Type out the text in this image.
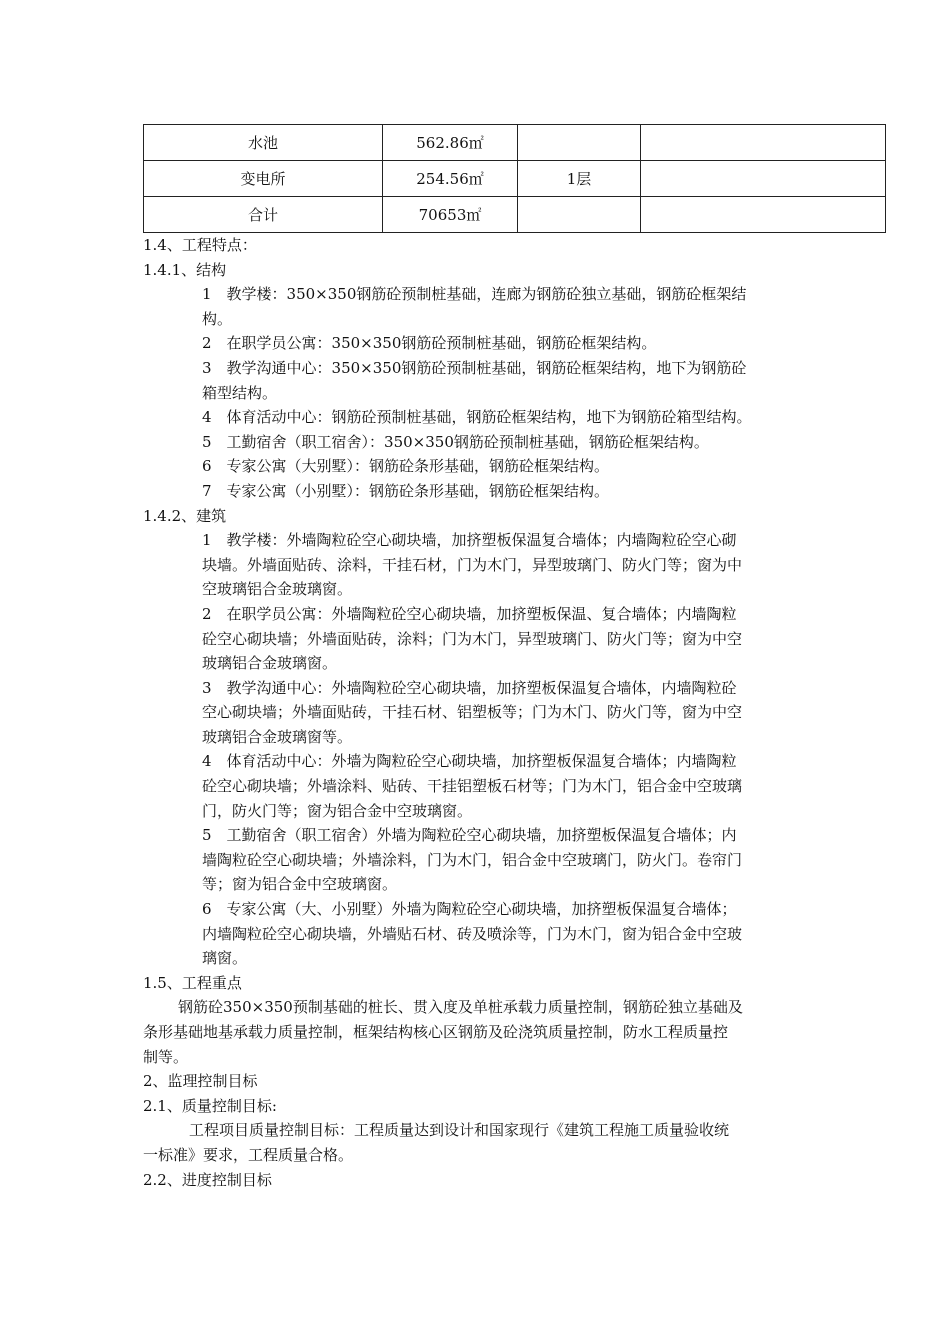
水池	562.86㎡		
变电所	254.56㎡	1层	
合计	70653㎡		
1.4、工程特点：
1.4.1、结构
1　教学楼：350×350钢筋砼预制桩基础，连廊为钢筋砼独立基础，钢筋砼框架结
构。
2　在职学员公寓：350×350钢筋砼预制桩基础，钢筋砼框架结构。
3　教学沟通中心：350×350钢筋砼预制桩基础，钢筋砼框架结构，地下为钢筋砼
箱型结构。
4　体育活动中心：钢筋砼预制桩基础，钢筋砼框架结构，地下为钢筋砼箱型结构。
5　工勤宿舍（职工宿舍）：350×350钢筋砼预制桩基础，钢筋砼框架结构。
6　专家公寓（大别墅）：钢筋砼条形基础，钢筋砼框架结构。
7　专家公寓（小别墅）：钢筋砼条形基础，钢筋砼框架结构。
1.4.2、建筑
1　教学楼：外墙陶粒砼空心砌块墙，加挤塑板保温复合墙体；内墙陶粒砼空心砌
块墙。外墙面贴砖、涂料，干挂石材，门为木门，异型玻璃门、防火门等；窗为中
空玻璃铝合金玻璃窗。
2　在职学员公寓：外墙陶粒砼空心砌块墙，加挤塑板保温、复合墙体；内墙陶粒
砼空心砌块墙；外墙面贴砖，涂料；门为木门，异型玻璃门、防火门等；窗为中空
玻璃铝合金玻璃窗。
3　教学沟通中心：外墙陶粒砼空心砌块墙，加挤塑板保温复合墙体，内墙陶粒砼
空心砌块墙；外墙面贴砖，干挂石材、铝塑板等；门为木门、防火门等，窗为中空
玻璃铝合金玻璃窗等。
4　体育活动中心：外墙为陶粒砼空心砌块墙，加挤塑板保温复合墙体；内墙陶粒
砼空心砌块墙；外墙涂料、贴砖、干挂铝塑板石材等；门为木门，铝合金中空玻璃
门，防火门等；窗为铝合金中空玻璃窗。
5　工勤宿舍（职工宿舍）外墙为陶粒砼空心砌块墙，加挤塑板保温复合墙体；内
墙陶粒砼空心砌块墙；外墙涂料，门为木门，铝合金中空玻璃门，防火门。卷帘门
等；窗为铝合金中空玻璃窗。
6　专家公寓（大、小别墅）外墙为陶粒砼空心砌块墙，加挤塑板保温复合墙体；
内墙陶粒砼空心砌块墙，外墙贴石材、砖及喷涂等，门为木门，窗为铝合金中空玻
璃窗。
1.5、工程重点
钢筋砼350×350预制基础的桩长、贯入度及单桩承载力质量控制，钢筋砼独立基础及
条形基础地基承载力质量控制，框架结构核心区钢筋及砼浇筑质量控制，防水工程质量控
制等。
2、监理控制目标
2.1、质量控制目标:
工程项目质量控制目标：工程质量达到设计和国家现行《建筑工程施工质量验收统
一标准》要求，工程质量合格。
2.2、进度控制目标
